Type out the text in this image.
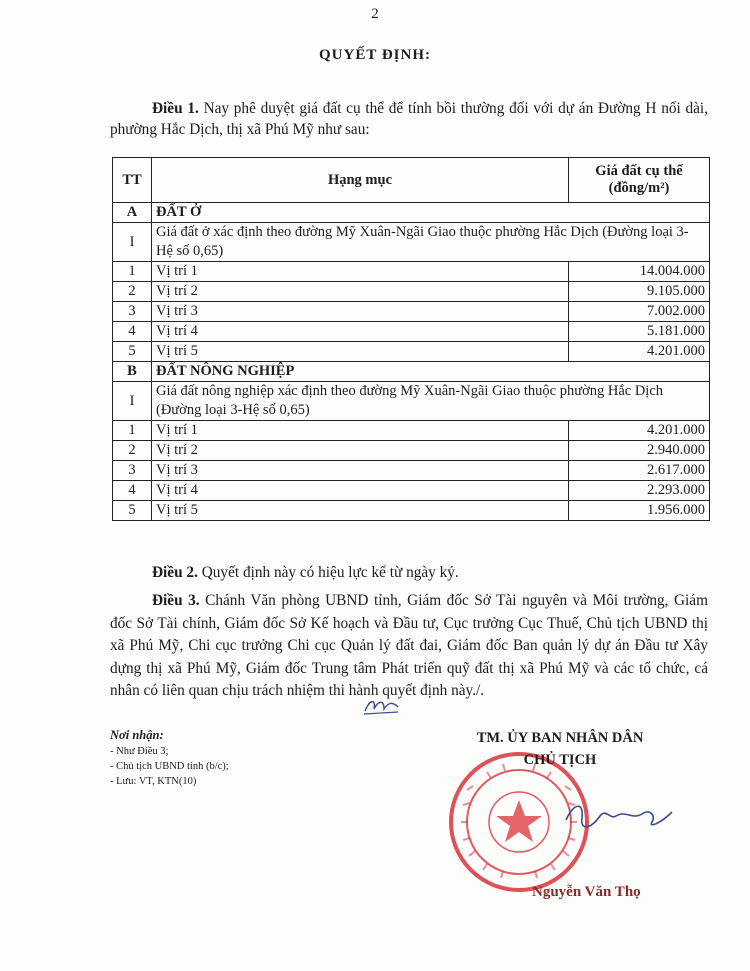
2
QUYẾT ĐỊNH:
Điều 1. Nay phê duyệt giá đất cụ thể để tính bồi thường đối với dự án Đường H nối dài, phường Hắc Dịch, thị xã Phú Mỹ như sau:
TT	Hạng mục	Giá đất cụ thể (đồng/m²)
A	ĐẤT Ở	
I	Giá đất ở xác định theo đường Mỹ Xuân-Ngãi Giao thuộc phường Hắc Dịch (Đường loại 3-Hệ số 0,65)	
1	Vị trí 1	14.004.000
2	Vị trí 2	9.105.000
3	Vị trí 3	7.002.000
4	Vị trí 4	5.181.000
5	Vị trí 5	4.201.000
B	ĐẤT NÔNG NGHIỆP	
I	Giá đất nông nghiệp xác định theo đường Mỹ Xuân-Ngãi Giao thuộc phường Hắc Dịch (Đường loại 3-Hệ số 0,65)	
1	Vị trí 1	4.201.000
2	Vị trí 2	2.940.000
3	Vị trí 3	2.617.000
4	Vị trí 4	2.293.000
5	Vị trí 5	1.956.000
Điều 2. Quyết định này có hiệu lực kể từ ngày ký.
Điều 3. Chánh Văn phòng UBND tỉnh, Giám đốc Sở Tài nguyên và Môi trường, Giám đốc Sở Tài chính, Giám đốc Sở Kế hoạch và Đầu tư, Cục trưởng Cục Thuế, Chủ tịch UBND thị xã Phú Mỹ, Chi cục trưởng Chi cục Quản lý đất đai, Giám đốc Ban quản lý dự án Đầu tư Xây dựng thị xã Phú Mỹ, Giám đốc Trung tâm Phát triển quỹ đất thị xã Phú Mỹ và các tổ chức, cá nhân có liên quan chịu trách nhiệm thi hành quyết định này./.
Nơi nhận:
- Như Điều 3;
- Chủ tịch UBND tỉnh (b/c);
- Lưu: VT, KTN(10)
TM. ỦY BAN NHÂN DÂN
CHỦ TỊCH
Nguyễn Văn Thọ
